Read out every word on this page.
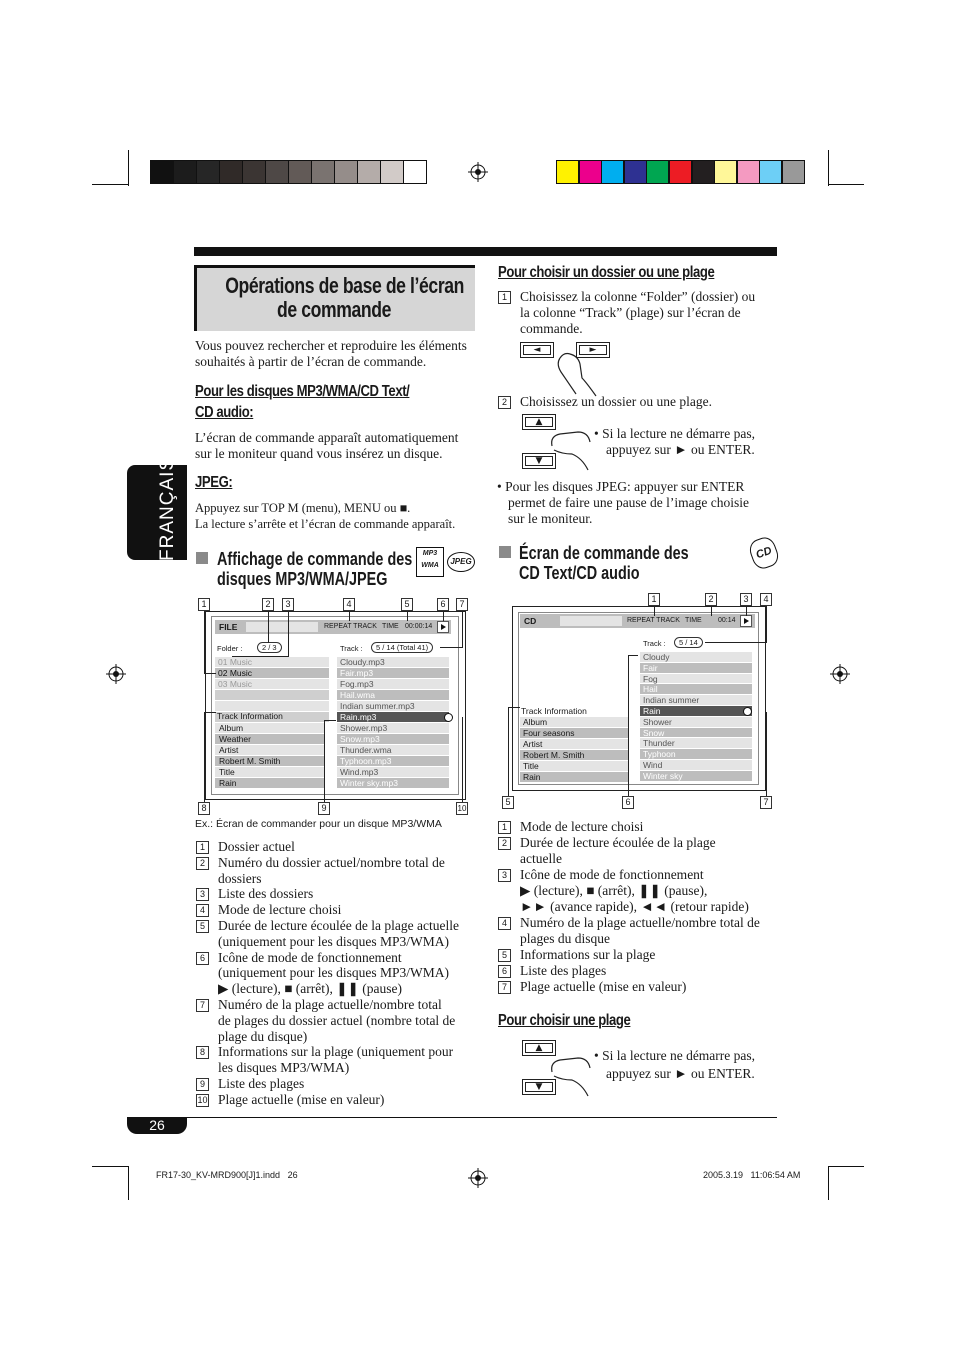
FRANÇAIS
Opérations de base de l’écran
de commande
Vous pouvez rechercher et reproduire les éléments souhaités à partir de l’écran de commande.
Pour les disques MP3/WMA/CD Text/
CD audio:
L’écran de commande apparaît automatiquement sur le moniteur quand vous insérez un disque.
JPEG:
Appuyez sur TOP M (menu), MENU ou ■.
La lecture s’arrête et l’écran de commande apparaît.
Affichage de commande des
disques MP3/WMA/JPEG
MP3
WMA	JPEG
FILE	REPEAT TRACK TIME 00:00:14
Folder :	2 / 3	Track :	5 / 14 (Total 41)
01 Music
02 Music
03 Music
Cloudy.mp3
Fair.mp3
Fog.mp3
Hail.wma
Indian summer.mp3
Rain.mp3
Shower.mp3
Snow.mp3
Thunder.wma
Typhoon.mp3
Wind.mp3
Winter sky.mp3
Track Information
Album
Weather
Artist
Robert M. Smith
Title
Rain
1	2	3	4	5	6	7
8	9	10
Ex.: Écran de commander pour un disque MP3/WMA
1 Dossier actuel
2 Numéro du dossier actuel/nombre total de
dossiers
3 Liste des dossiers
4 Mode de lecture choisi
5 Durée de lecture écoulée de la plage actuelle
(uniquement pour les disques MP3/WMA)
6 Icône de mode de fonctionnement
(uniquement pour les disques MP3/WMA)
▶ (lecture), ■ (arrêt), ❚❚ (pause)
7 Numéro de la plage actuelle/nombre total
de plages du dossier actuel (nombre total de
plage du disque)
8 Informations sur la plage (uniquement pour
les disques MP3/WMA)
9 Liste des plages
10 Plage actuelle (mise en valeur)
Pour choisir un dossier ou une plage
1 Choisissez la colonne “Folder” (dossier) ou
la colonne “Track” (plage) sur l’écran de
commande.
◄	►
2 Choisissez un dossier ou une plage.
▲
▼
• Si la lecture ne démarre pas,
appuyez sur ► ou ENTER.
• Pour les disques JPEG: appuyer sur ENTER
permet de faire une pause de l’image choisie
sur le moniteur.
Écran de commande des
CD Text/CD audio
CD
CD	REPEAT TRACK TIME 00:14
Track :	5 / 14
Cloudy
Fair
Fog
Hail
Indian summer
Rain
Shower
Snow
Thunder
Typhoon
Wind
Winter sky
Track Information
Album
Four seasons
Artist
Robert M. Smith
Title
Rain
1	2	3	4
5	6	7
1 Mode de lecture choisi
2 Durée de lecture écoulée de la plage
actuelle
3 Icône de mode de fonctionnement
▶ (lecture), ■ (arrêt), ❚❚ (pause),
►► (avance rapide), ◄◄ (retour rapide)
4 Numéro de la plage actuelle/nombre total de
plages du disque
5 Informations sur la plage
6 Liste des plages
7 Plage actuelle (mise en valeur)
Pour choisir une plage
▲
▼
• Si la lecture ne démarre pas,
appuyez sur ► ou ENTER.
26
FR17-30_KV-MRD900[J]1.indd   26	2005.3.19   11:06:54 AM
